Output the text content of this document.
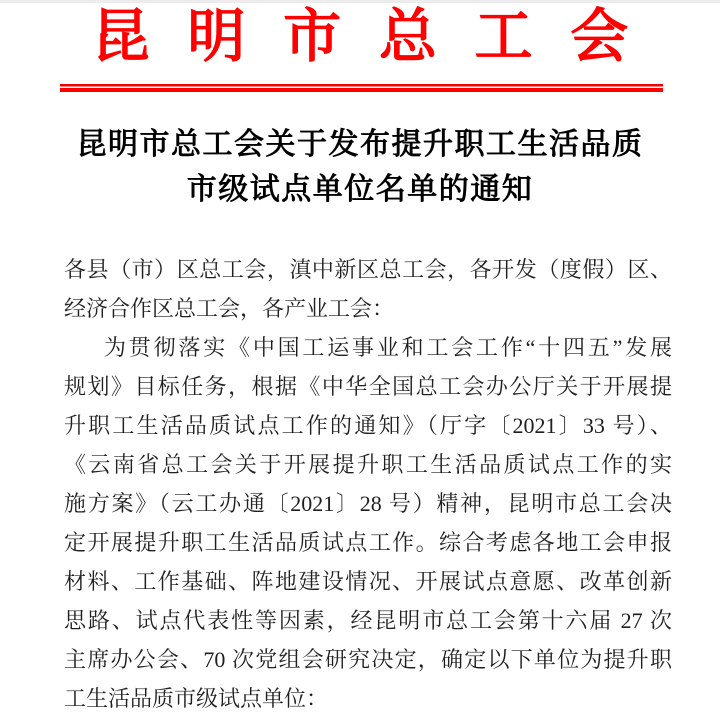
昆明市总工会
昆明市总工会关于发布提升职工生活品质
市级试点单位名单的通知
各县（市）区总工会，滇中新区总工会，各开发（度假）区、
经济合作区总工会，各产业工会：
为贯彻落实《中国工运事业和工会工作“十四五”发展
规划》目标任务，根据《中华全国总工会办公厅关于开展提
升职工生活品质试点工作的通知》（厅字〔2021〕33 号）、
《云南省总工会关于开展提升职工生活品质试点工作的实
施方案》（云工办通〔2021〕28 号）精神，昆明市总工会决
定开展提升职工生活品质试点工作。综合考虑各地工会申报
材料、工作基础、阵地建设情况、开展试点意愿、改革创新
思路、试点代表性等因素，经昆明市总工会第十六届 27 次
主席办公会、70 次党组会研究决定，确定以下单位为提升职
工生活品质市级试点单位：
